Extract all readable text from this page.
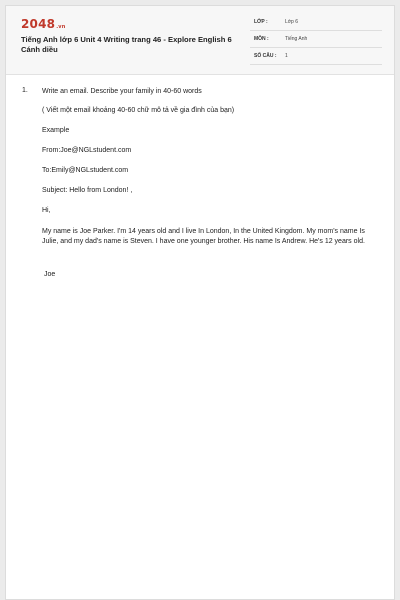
2048.vn
Tiếng Anh lớp 6 Unit 4 Writing trang 46 - Explore English 6 Cánh diều
LỚP :	Lớp 6
MÔN :	Tiếng Anh
SỐ CÂU : 1
1. Write an email. Describe your family in 40-60 words

( Viết một email khoảng 40-60 chữ mô tả về gia đình của bạn)

Example

From:Joe@NGLstudent.com

To:Emily@NGLstudent.com

Subject: Hello from London! ,

Hi,

My name is Joe Parker. I'm 14 years old and I live In London, In the United Kingdom. My mom's name Is Julie, and my dad's name is Steven. I have one younger brother. His name Is Andrew. He's 12 years old.

Joe
